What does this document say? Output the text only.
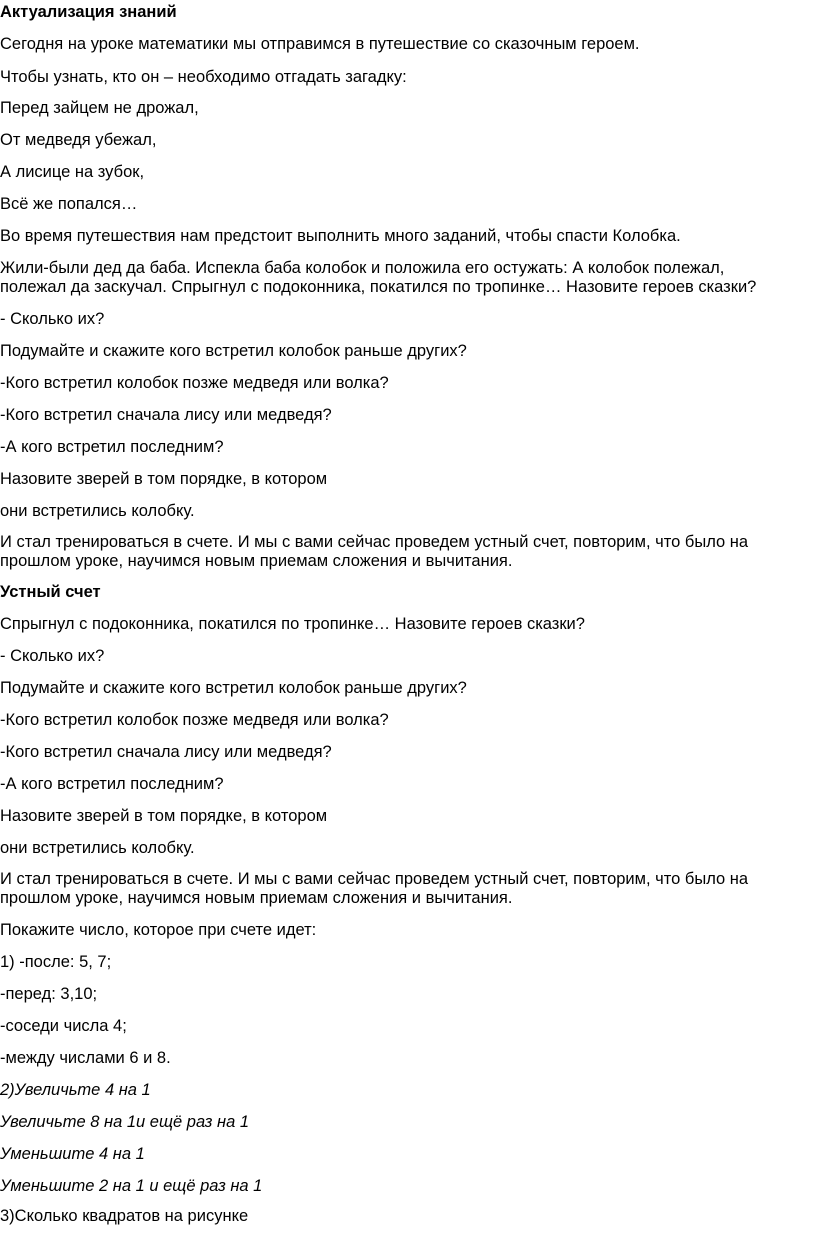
Актуализация знаний

Сегодня на уроке математики мы отправимся в путешествие со сказочным героем.

Чтобы узнать, кто он – необходимо отгадать загадку:

Перед зайцем не дрожал,

От медведя убежал,

А лисице на зубок,

Всё же попался…

Во время путешествия нам предстоит выполнить много заданий, чтобы спасти Колобка.

Жили-были дед да баба. Испекла баба колобок и положила его остужать: А колобок полежал,

полежал да заскучал. Спрыгнул с подоконника, покатился по тропинке… Назовите героев сказки?

- Сколько их?

Подумайте и скажите кого встретил колобок раньше других?

-Кого встретил колобок позже медведя или волка?

-Кого встретил сначала лису или медведя?

-А кого встретил последним?

Назовите зверей в том порядке, в котором

они встретились колобку.

И стал тренироваться в счете. И мы с вами сейчас проведем устный счет, повторим, что было на

прошлом уроке, научимся новым приемам сложения и вычитания.

Устный счет

Спрыгнул с подоконника, покатился по тропинке… Назовите героев сказки?

- Сколько их?

Подумайте и скажите кого встретил колобок раньше других?

-Кого встретил колобок позже медведя или волка?

-Кого встретил сначала лису или медведя?

-А кого встретил последним?

Назовите зверей в том порядке, в котором

они встретились колобку.

И стал тренироваться в счете. И мы с вами сейчас проведем устный счет, повторим, что было на

прошлом уроке, научимся новым приемам сложения и вычитания.

Покажите число, которое при счете идет:

1) -после: 5, 7;

-перед: 3,10;

-соседи числа 4;

-между числами 6 и 8.

2)Увеличьте 4 на 1

Увеличьте 8 на 1и ещё раз на 1

Уменьшите 4 на 1

Уменьшите 2 на 1 и ещё раз на 1

3)Сколько квадратов на рисунке
